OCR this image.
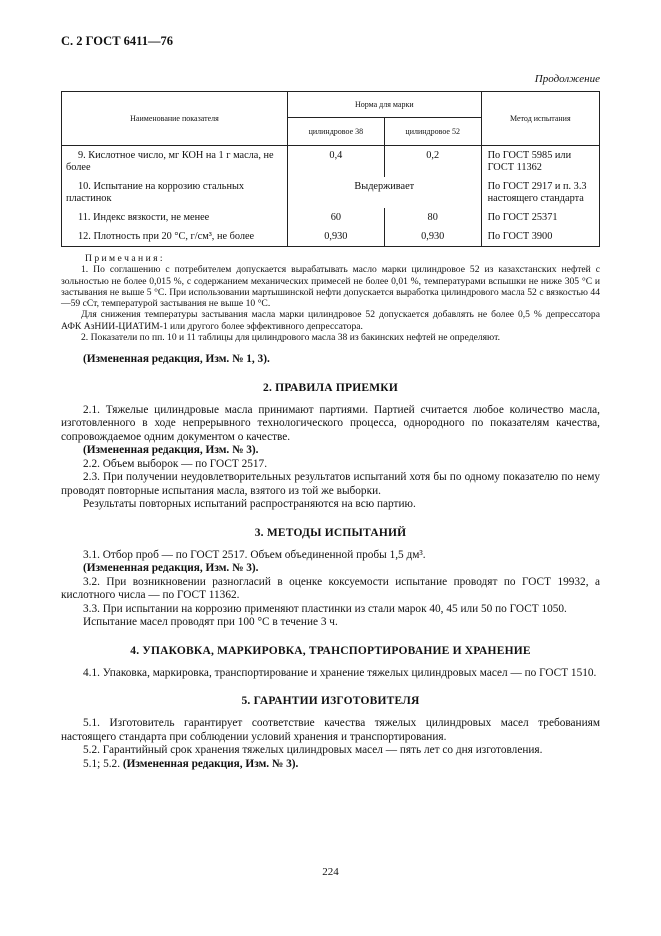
С. 2 ГОСТ 6411—76
Продолжение
Наименование показателя	Норма для марки		Метод испытания
	цилиндровое 38	цилиндровое 52	
9. Кислотное число, мг КОН на 1 г масла, не более	0,4	0,2	По ГОСТ 5985 или ГОСТ 11362
10. Испытание на коррозию стальных пластинок	Выдерживает		По ГОСТ 2917 и п. 3.3 настоящего стандарта
11. Индекс вязкости, не менее	60	80	По ГОСТ 25371
12. Плотность при 20 °С, г/см³, не более	0,930	0,930	По ГОСТ 3900

П р и м е ч а н и я :

1. По соглашению с потребителем допускается вырабатывать масло марки цилиндровое 52 из казахстанских нефтей с зольностью не более 0,015 %, с содержанием механических примесей не более 0,01 %, температурами вспышки не ниже 305 °С и застывания не выше 5 °С. При использовании мартышинской нефти допускается выработка цилиндрового масла 52 с вязкостью 44—59 сСт, температурой застывания не выше 10 °С.

Для снижения температуры застывания масла марки цилиндровое 52 допускается добавлять не более 0,5 % депрессатора АФК АзНИИ-ЦИАТИМ-1 или другого более эффективного депрессатора.

2. Показатели по пп. 10 и 11 таблицы для цилиндрового масла 38 из бакинских нефтей не определяют.

(Измененная редакция, Изм. № 1, 3).

2. ПРАВИЛА ПРИЕМКИ

2.1. Тяжелые цилиндровые масла принимают партиями. Партией считается любое количество масла, изготовленного в ходе непрерывного технологического процесса, однородного по показателям качества, сопровождаемое одним документом о качестве.

(Измененная редакция, Изм. № 3).

2.2. Объем выборок — по ГОСТ 2517.

2.3. При получении неудовлетворительных результатов испытаний хотя бы по одному показателю по нему проводят повторные испытания масла, взятого из той же выборки.

Результаты повторных испытаний распространяются на всю партию.

3. МЕТОДЫ ИСПЫТАНИЙ

3.1. Отбор проб — по ГОСТ 2517. Объем объединенной пробы 1,5 дм³.

(Измененная редакция, Изм. № 3).

3.2. При возникновении разногласий в оценке коксуемости испытание проводят по ГОСТ 19932, а кислотного числа — по ГОСТ 11362.

3.3. При испытании на коррозию применяют пластинки из стали марок 40, 45 или 50 по ГОСТ 1050.

Испытание масел проводят при 100 °С в течение 3 ч.

4. УПАКОВКА, МАРКИРОВКА, ТРАНСПОРТИРОВАНИЕ И ХРАНЕНИЕ

4.1. Упаковка, маркировка, транспортирование и хранение тяжелых цилиндровых масел — по ГОСТ 1510.

5. ГАРАНТИИ ИЗГОТОВИТЕЛЯ

5.1. Изготовитель гарантирует соответствие качества тяжелых цилиндровых масел требованиям настоящего стандарта при соблюдении условий хранения и транспортирования.

5.2. Гарантийный срок хранения тяжелых цилиндровых масел — пять лет со дня изготовления.

5.1; 5.2. (Измененная редакция, Изм. № 3).

224
